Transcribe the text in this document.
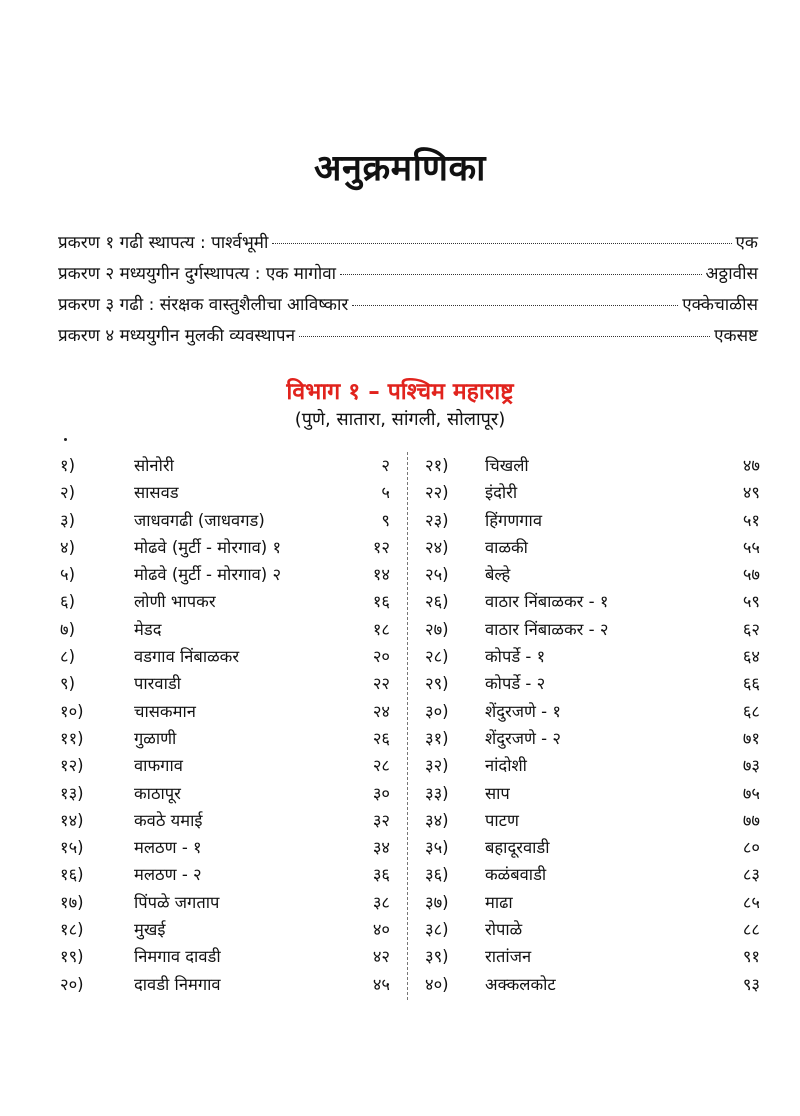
अनुक्रमणिका
प्रकरण १ गढी स्थापत्य : पार्श्वभूमी	एक
प्रकरण २ मध्ययुगीन दुर्गस्थापत्य : एक मागोवा	अठ्ठावीस
प्रकरण ३ गढी : संरक्षक वास्तुशैलीचा आविष्कार	एक्केचाळीस
प्रकरण ४ मध्ययुगीन मुलकी व्यवस्थापन	एकसष्ट
विभाग १ – पश्चिम महाराष्ट्र
(पुणे, सातारा, सांगली, सोलापूर)
१)	सोनोरी	२
२)	सासवड	५
३)	जाधवगढी (जाधवगड)	९
४)	मोढवे (मुर्टी - मोरगाव) १	१२
५)	मोढवे (मुर्टी - मोरगाव) २	१४
६)	लोणी भापकर	१६
७)	मेडद	१८
८)	वडगाव निंबाळकर	२०
९)	पारवाडी	२२
१०)	चासकमान	२४
११)	गुळाणी	२६
१२)	वाफगाव	२८
१३)	काठापूर	३०
१४)	कवठे यमाई	३२
१५)	मलठण - १	३४
१६)	मलठण - २	३६
१७)	पिंपळे जगताप	३८
१८)	मुखई	४०
१९)	निमगाव दावडी	४२
२०)	दावडी निमगाव	४५
२१) चिखली	४७
२२) इंदोरी	४९
२३) हिंगणगाव	५१
२४) वाळकी	५५
२५) बेल्हे	५७
२६) वाठार निंबाळकर - १	५९
२७) वाठार निंबाळकर - २	६२
२८) कोपर्डे - १	६४
२९) कोपर्डे - २	६६
३०) शेंदुरजणे - १	६८
३१) शेंदुरजणे - २	७१
३२) नांदोशी	७३
३३) साप	७५
३४) पाटण	७७
३५) बहादूरवाडी	८०
३६) कळंबवाडी	८३
३७) माढा	८५
३८) रोपाळे	८८
३९) रातांजन	९१
४०) अक्कलकोट	९३
